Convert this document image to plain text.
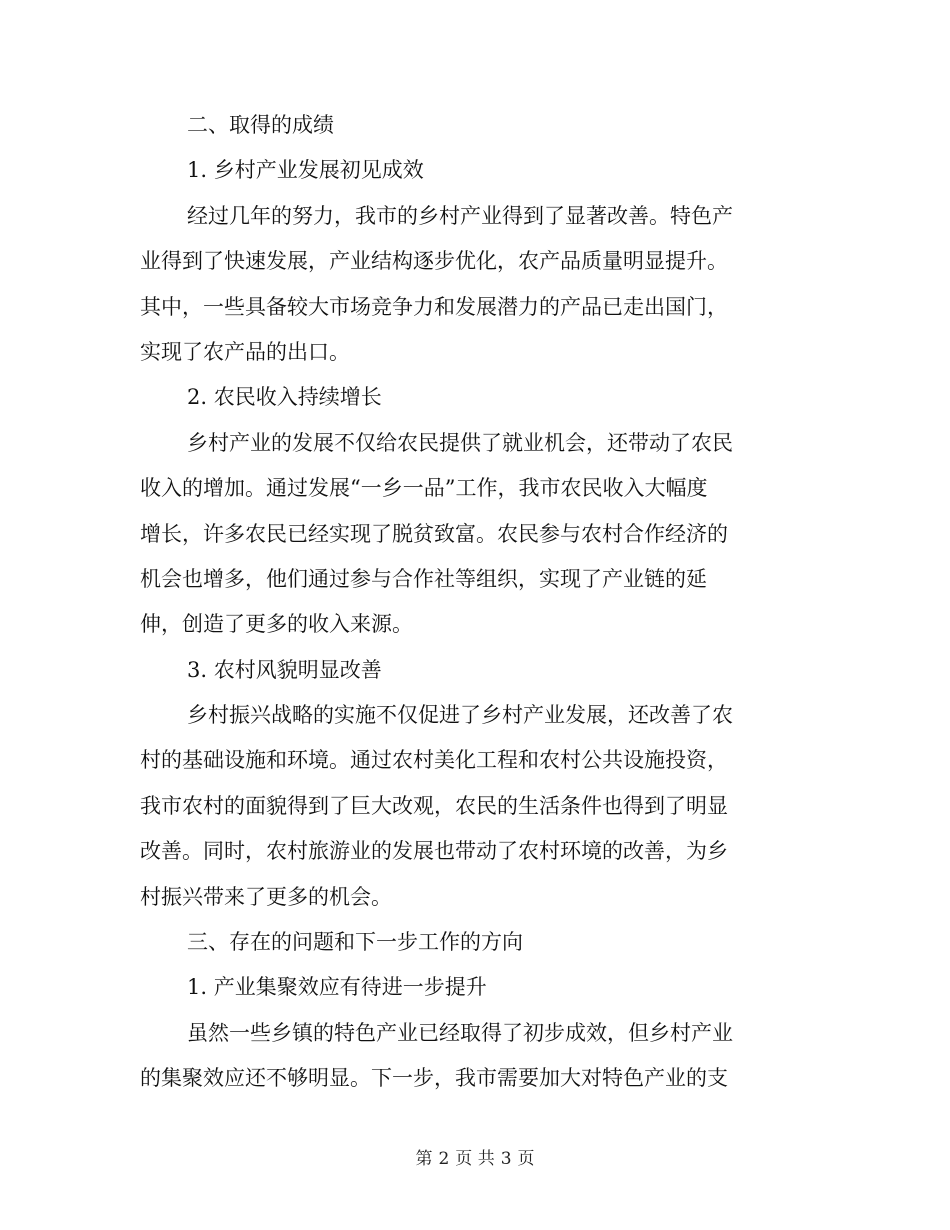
二、取得的成绩
1. 乡村产业发展初见成效
经过几年的努力，我市的乡村产业得到了显著改善。特色产
业得到了快速发展，产业结构逐步优化，农产品质量明显提升。
其中，一些具备较大市场竞争力和发展潜力的产品已走出国门，
实现了农产品的出口。
2. 农民收入持续增长
乡村产业的发展不仅给农民提供了就业机会，还带动了农民
收入的增加。通过发展“一乡一品”工作，我市农民收入大幅度
增长，许多农民已经实现了脱贫致富。农民参与农村合作经济的
机会也增多，他们通过参与合作社等组织，实现了产业链的延
伸，创造了更多的收入来源。
3. 农村风貌明显改善
乡村振兴战略的实施不仅促进了乡村产业发展，还改善了农
村的基础设施和环境。通过农村美化工程和农村公共设施投资，
我市农村的面貌得到了巨大改观，农民的生活条件也得到了明显
改善。同时，农村旅游业的发展也带动了农村环境的改善，为乡
村振兴带来了更多的机会。
三、存在的问题和下一步工作的方向
1. 产业集聚效应有待进一步提升
虽然一些乡镇的特色产业已经取得了初步成效，但乡村产业
的集聚效应还不够明显。下一步，我市需要加大对特色产业的支
第 2 页 共 3 页
